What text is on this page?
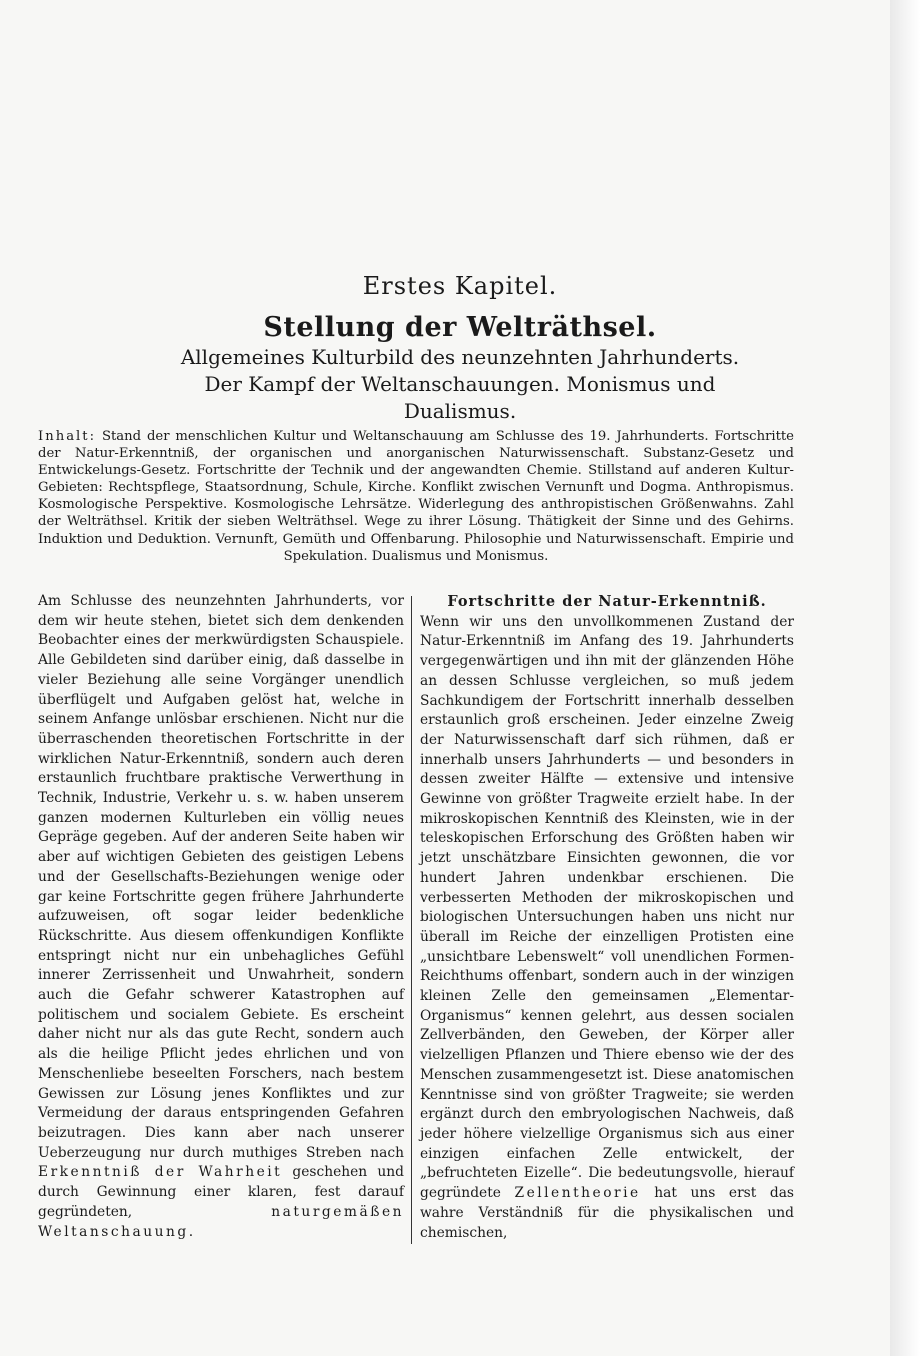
Erstes Kapitel.
Stellung der Welträthsel.
Allgemeines Kulturbild des neunzehnten Jahrhunderts. Der Kampf der Weltanschauungen. Monismus und Dualismus.
Inhalt: Stand der menschlichen Kultur und Weltanschauung am Schlusse des 19. Jahrhunderts. Fortschritte der Natur-Erkenntniß, der organischen und anorganischen Naturwissenschaft. Substanz-Gesetz und Entwickelungs-Gesetz. Fortschritte der Technik und der angewandten Chemie. Stillstand auf anderen Kultur-Gebieten: Rechtspflege, Staatsordnung, Schule, Kirche. Konflikt zwischen Vernunft und Dogma. Anthropismus. Kosmologische Perspektive. Kosmologische Lehrsätze. Widerlegung des anthropistischen Größenwahns. Zahl der Welträthsel. Kritik der sieben Welträthsel. Wege zu ihrer Lösung. Thätigkeit der Sinne und des Gehirns. Induktion und Deduktion. Vernunft, Gemüth und Offenbarung. Philosophie und Naturwissenschaft. Empirie und Spekulation. Dualismus und Monismus.
Am Schlusse des neunzehnten Jahrhunderts, vor dem wir heute stehen, bietet sich dem denkenden Beobachter eines der merkwürdigsten Schauspiele. Alle Gebildeten sind darüber einig, daß dasselbe in vieler Beziehung alle seine Vorgänger unendlich überflügelt und Aufgaben gelöst hat, welche in seinem Anfange unlösbar erschienen. Nicht nur die überraschenden theoretischen Fortschritte in der wirklichen Natur-Erkenntniß, sondern auch deren erstaunlich fruchtbare praktische Verwerthung in Technik, Industrie, Verkehr u. s. w. haben unserem ganzen modernen Kulturleben ein völlig neues Gepräge gegeben. Auf der anderen Seite haben wir aber auf wichtigen Gebieten des geistigen Lebens und der Gesellschafts-Beziehungen wenige oder gar keine Fortschritte gegen frühere Jahrhunderte aufzuweisen, oft sogar leider bedenkliche Rückschritte. Aus diesem offenkundigen Konflikte entspringt nicht nur ein unbehagliches Gefühl innerer Zerrissenheit und Unwahrheit, sondern auch die Gefahr schwerer Katastrophen auf politischem und socialem Gebiete. Es erscheint daher nicht nur als das gute Recht, sondern auch als die heilige Pflicht jedes ehrlichen und von Menschenliebe beseelten Forschers, nach bestem Gewissen zur Lösung jenes Konfliktes und zur Vermeidung der daraus entspringenden Gefahren beizutragen. Dies kann aber nach unserer Ueberzeugung nur durch muthiges Streben nach Erkenntniß der Wahrheit geschehen und durch Gewinnung einer klaren, fest darauf gegründeten,	naturgemäßen Weltanschauung.
Fortschritte der Natur-Erkenntniß.
Wenn wir uns den unvollkommenen Zustand der Natur-Erkenntniß im Anfang des 19. Jahrhunderts vergegenwärtigen und ihn mit der glänzenden Höhe an dessen Schlusse vergleichen, so muß jedem Sachkundigem der Fortschritt innerhalb desselben erstaunlich groß erscheinen. Jeder einzelne Zweig der Naturwissenschaft darf sich rühmen, daß er innerhalb unsers Jahrhunderts — und besonders in dessen zweiter Hälfte — extensive und intensive Gewinne von größter Tragweite erzielt habe. In der mikroskopischen Kenntniß des Kleinsten, wie in der teleskopischen Erforschung des Größten haben wir jetzt unschätzbare Einsichten gewonnen, die vor hundert Jahren undenkbar erschienen. Die verbesserten Methoden der mikroskopischen und biologischen Untersuchungen haben uns nicht nur überall im Reiche der einzelligen Protisten eine „unsichtbare Lebenswelt“ voll unendlichen Formen-Reichthums offenbart, sondern auch in der winzigen kleinen Zelle den gemeinsamen „Elementar-Organismus“ kennen gelehrt, aus dessen socialen Zellverbänden, den Geweben, der Körper aller vielzelligen Pflanzen und Thiere ebenso wie der des Menschen zusammengesetzt ist. Diese anatomischen Kenntnisse sind von größter Tragweite; sie werden ergänzt durch den embryologischen Nachweis, daß jeder höhere vielzellige Organismus sich aus einer einzigen einfachen Zelle entwickelt, der „befruchteten Eizelle“. Die bedeutungsvolle, hierauf gegründete Zellentheorie hat uns erst das wahre Verständniß für die physikalischen und chemischen,
